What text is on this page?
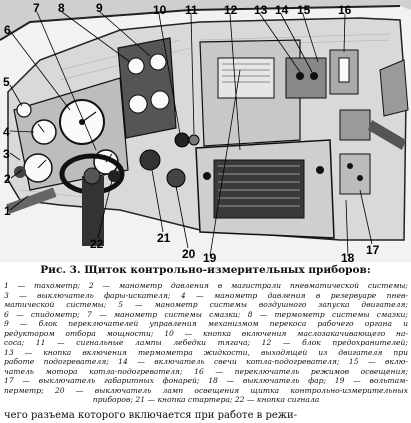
1
2
3
4
5
6
7 8	9	10 11 12 13 14 15 16
17
18
19
20
21
22
Рис. 3. Щиток контрольно-измерительных приборов:
1 — тахометр; 2 — манометр давления в магистрали пневматической системы;
3 — выключатель фары-искателя; 4 — манометр давления в резервуаре пнев-
матической системы; 5 — манометр системы воздушного запуска двигателя;
6 — спидометр; 7 — манометр системы смазки; 8 — термометр системы смазки;
9 — блок переключателей управления механизмом перекоса рабочего органа и
редуктором отбора мощности; 10 — кнопка включения маслозакачивающего на-
coca; 11 — сигнальные лампы лебедки тягача; 12 — блок предохранителей;
13 — кнопка включения термометра жидкости, выходящей из двигателя при
работе подогревателя; 14 — включатель свечи котла-подогревателя; 15 — вклю-
чатель мотора котла-подогревателя; 16 — переключатель режимов освещения;
17 — выключатель габаритных фонарей; 18 — выключатель фар; 19 — вольтам-
перметр; 20 — выключатель ламп освещения щитка контрольно-измерительных
приборов; 21 — кнопка стартера; 22 — кнопка сигнала
чего разъема которого включается при работе в режи-
